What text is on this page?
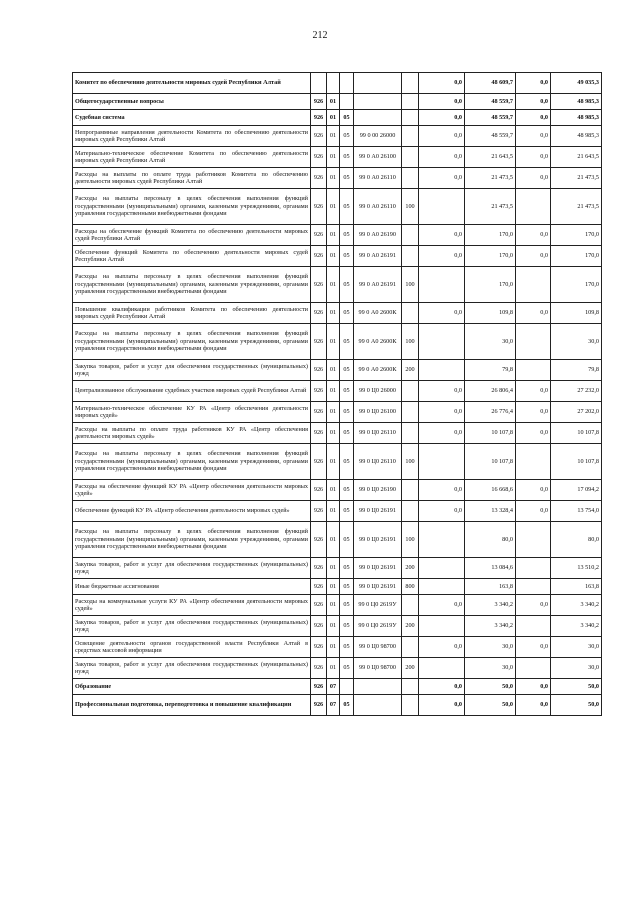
212
Комитет по обеспечению деятельности мировых судей Республики Алтай						0,0	48 609,7	0,0	49 035,3
Общегосударственные вопросы	926	01				0,0	48 559,7	0,0	48 985,3
Судебная система	926	01	05			0,0	48 559,7	0,0	48 985,3
Непрограммные направления деятельности Комитета по обеспечению деятельности мировых судей Республики Алтай	926	01	05	99 0 00 26000		0,0	48 559,7	0,0	48 985,3
Материально-техническое обеспечение Комитета по обеспечению деятельности мировых судей Республики Алтай	926	01	05	99 0 А0 26100		0,0	21 643,5	0,0	21 643,5
Расходы на выплаты по оплате труда работников Комитета по обеспечению деятельности мировых судей Республики Алтай	926	01	05	99 0 А0 26110		0,0	21 473,5	0,0	21 473,5
Расходы на выплаты персоналу в целях обеспечения выполнения функций государственными (муниципальными) органами, казенными учреждениями, органами управления государственными внебюджетными фондами	926	01	05	99 0 А0 26110	100		21 473,5		21 473,5
Расходы на обеспечение функций Комитета по обеспечению деятельности мировых судей Республики Алтай	926	01	05	99 0 А0 26190		0,0	170,0	0,0	170,0
Обеспечение функций Комитета по обеспечению деятельности мировых судей Республики Алтай	926	01	05	99 0 А0 26191		0,0	170,0	0,0	170,0
Расходы на выплаты персоналу в целях обеспечения выполнения функций государственными (муниципальными) органами, казенными учреждениями, органами управления государственными внебюджетными фондами	926	01	05	99 0 А0 26191	100		170,0		170,0
Повышение квалификации работников Комитета по обеспечению деятельности мировых судей Республики Алтай	926	01	05	99 0 А0 2600К		0,0	109,8	0,0	109,8
Расходы на выплаты персоналу в целях обеспечения выполнения функций государственными (муниципальными) органами, казенными учреждениями, органами управления государственными внебюджетными фондами	926	01	05	99 0 А0 2600К	100		30,0		30,0
Закупка товаров, работ и услуг для обеспечения государственных (муниципальных) нужд	926	01	05	99 0 А0 2600К	200		79,8		79,8
Централизованное обслуживание судебных участков мировых судей Республики Алтай	926	01	05	99 0 Ц0 26000		0,0	26 806,4	0,0	27 232,0
Материально-техническое обеспечение КУ РА «Центр обеспечения деятельности мировых судей»	926	01	05	99 0 Ц0 26100		0,0	26 776,4	0,0	27 202,0
Расходы на выплаты по оплате труда работников КУ РА «Центр обеспечения деятельности мировых судей»	926	01	05	99 0 Ц0 26110		0,0	10 107,8	0,0	10 107,8
Расходы на выплаты персоналу в целях обеспечения выполнения функций государственными (муниципальными) органами, казенными учреждениями, органами управления государственными внебюджетными фондами	926	01	05	99 0 Ц0 26110	100		10 107,8		10 107,8
Расходы на обеспечение функций КУ РА «Центр обеспечения деятельности мировых судей»	926	01	05	99 0 Ц0 26190		0,0	16 668,6	0,0	17 094,2
Обеспечение функций КУ РА «Центр обеспечения деятельности мировых судей»	926	01	05	99 0 Ц0 26191		0,0	13 328,4	0,0	13 754,0
Расходы на выплаты персоналу в целях обеспечения выполнения функций государственными (муниципальными) органами, казенными учреждениями, органами управления государственными внебюджетными фондами	926	01	05	99 0 Ц0 26191	100		80,0		80,0
Закупка товаров, работ и услуг для обеспечения государственных (муниципальных) нужд	926	01	05	99 0 Ц0 26191	200		13 084,6		13 510,2
Иные бюджетные ассигнования	926	01	05	99 0 Ц0 26191	800		163,8		163,8
Расходы на коммунальные услуги КУ РА «Центр обеспечения деятельности мировых судей»	926	01	05	99 0 Ц0 2619У		0,0	3 340,2	0,0	3 340,2
Закупка товаров, работ и услуг для обеспечения государственных (муниципальных) нужд	926	01	05	99 0 Ц0 2619У	200		3 340,2		3 340,2
Освещение деятельности органов государственной власти Республики Алтай в средствах массовой информации	926	01	05	99 0 Ц0 98700		0,0	30,0	0,0	30,0
Закупка товаров, работ и услуг для обеспечения государственных (муниципальных) нужд	926	01	05	99 0 Ц0 98700	200		30,0		30,0
Образование	926	07				0,0	50,0	0,0	50,0
Профессиональная подготовка, переподготовка и повышение квалификации	926	07	05			0,0	50,0	0,0	50,0
